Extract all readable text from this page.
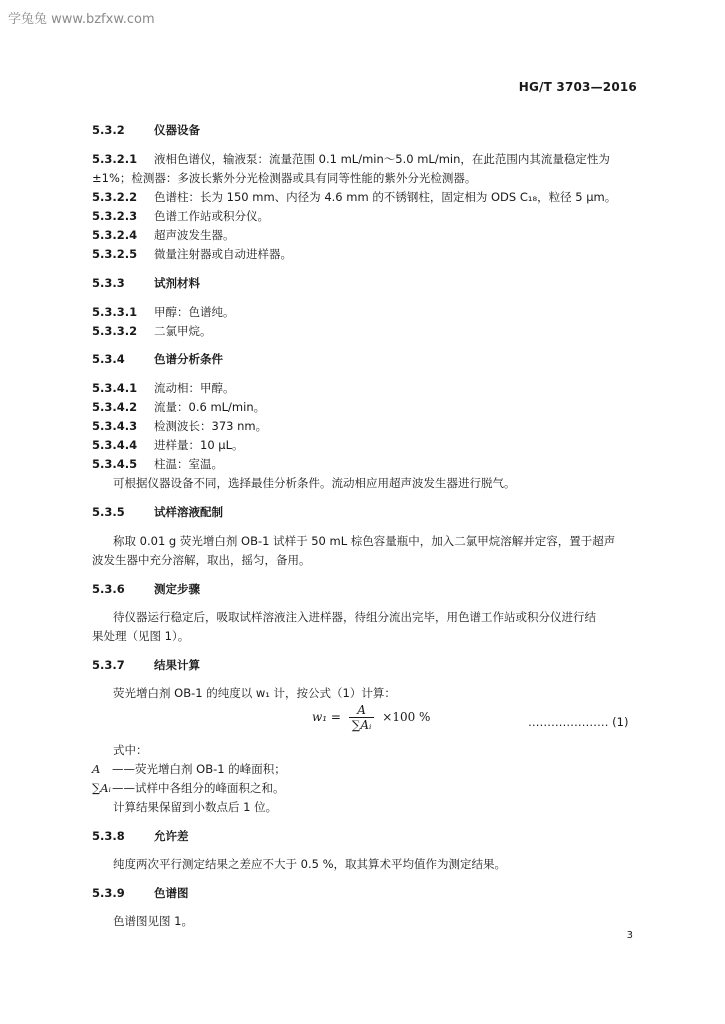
学兔兔 www.bzfxw.com
HG/T 3703—2016
5.3.2	仪器设备
5.3.2.1 液相色谱仪，输液泵：流量范围 0.1 mL/min～5.0 mL/min，在此范围内其流量稳定性为
±1%；检测器：多波长紫外分光检测器或具有同等性能的紫外分光检测器。
5.3.2.2 色谱柱：长为 150 mm、内径为 4.6 mm 的不锈钢柱，固定相为 ODS C₁₈，粒径 5 μm。
5.3.2.3 色谱工作站或积分仪。
5.3.2.4 超声波发生器。
5.3.2.5 微量注射器或自动进样器。
5.3.3	试剂材料
5.3.3.1 甲醇：色谱纯。
5.3.3.2 二氯甲烷。
5.3.4	色谱分析条件
5.3.4.1 流动相：甲醇。
5.3.4.2 流量：0.6 mL/min。
5.3.4.3 检测波长：373 nm。
5.3.4.4 进样量：10 μL。
5.3.4.5 柱温：室温。
可根据仪器设备不同，选择最佳分析条件。流动相应用超声波发生器进行脱气。
5.3.5	试样溶液配制
称取 0.01 g 荧光增白剂 OB-1 试样于 50 mL 棕色容量瓶中，加入二氯甲烷溶解并定容，置于超声
波发生器中充分溶解，取出，摇匀，备用。
5.3.6	测定步骤
待仪器运行稳定后，吸取试样溶液注入进样器，待组分流出完毕，用色谱工作站或积分仪进行结
果处理（见图 1）。
5.3.7	结果计算
荧光增白剂 OB-1 的纯度以 w₁ 计，按公式（1）计算：
$w_1 = \frac{A}{\text{∑Aᵢ}} \times 100$ %	………………… (1)
式中：
A ——荧光增白剂 OB-1 的峰面积；
∑Aᵢ——试样中各组分的峰面积之和。
计算结果保留到小数点后 1 位。
5.3.8	允许差
纯度两次平行测定结果之差应不大于 0.5 %，取其算术平均值作为测定结果。
5.3.9	色谱图
色谱图见图 1。
3
